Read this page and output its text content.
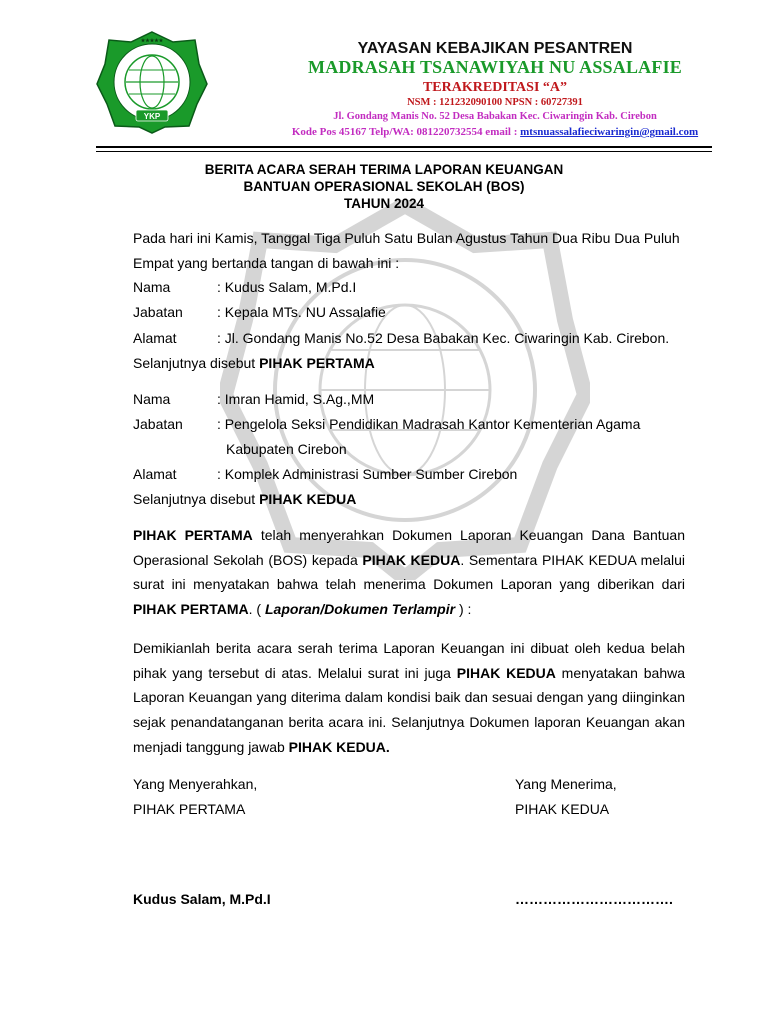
★★★★★
YKP
YAYASAN KEBAJIKAN PESANTREN
MADRASAH TSANAWIYAH NU ASSALAFIE
TERAKREDITASI “A”
NSM : 121232090100 NPSN : 60727391
Jl. Gondang Manis No. 52 Desa Babakan Kec. Ciwaringin Kab. Cirebon
Kode Pos 45167 Telp/WA: 081220732554 email : mtsnuassalafieciwaringin@gmail.com
BERITA ACARA SERAH TERIMA LAPORAN KEUANGAN
BANTUAN OPERASIONAL SEKOLAH (BOS)
TAHUN 2024
Pada hari ini Kamis, Tanggal Tiga Puluh Satu Bulan Agustus Tahun Dua Ribu Dua Puluh
Empat yang bertanda tangan di bawah ini :
Nama	: Kudus Salam, M.Pd.I
Jabatan : Kepala MTs. NU Assalafie
Alamat	: Jl. Gondang Manis No.52 Desa Babakan Kec. Ciwaringin Kab. Cirebon.
Selanjutnya disebut PIHAK PERTAMA
Nama	: Imran Hamid, S.Ag.,MM
Jabatan : Pengelola Seksi Pendidikan Madrasah Kantor Kementerian Agama
Kabupaten Cirebon
Alamat	: Komplek Administrasi Sumber Sumber Cirebon
Selanjutnya disebut PIHAK KEDUA
PIHAK PERTAMA telah menyerahkan Dokumen Laporan Keuangan Dana Bantuan Operasional Sekolah (BOS) kepada PIHAK KEDUA. Sementara PIHAK KEDUA melalui surat ini menyatakan bahwa telah menerima Dokumen Laporan yang diberikan dari PIHAK PERTAMA. ( Laporan/Dokumen Terlampir ) :
Demikianlah berita acara serah terima Laporan Keuangan ini dibuat oleh kedua belah pihak yang tersebut di atas. Melalui surat ini juga PIHAK KEDUA menyatakan bahwa Laporan Keuangan yang diterima dalam kondisi baik dan sesuai dengan yang diinginkan sejak penandatanganan berita acara ini. Selanjutnya Dokumen laporan Keuangan akan menjadi tanggung jawab PIHAK KEDUA.
Yang Menyerahkan,
PIHAK PERTAMA
Kudus Salam, M.Pd.I
Yang Menerima,
PIHAK KEDUA
…………………………….
